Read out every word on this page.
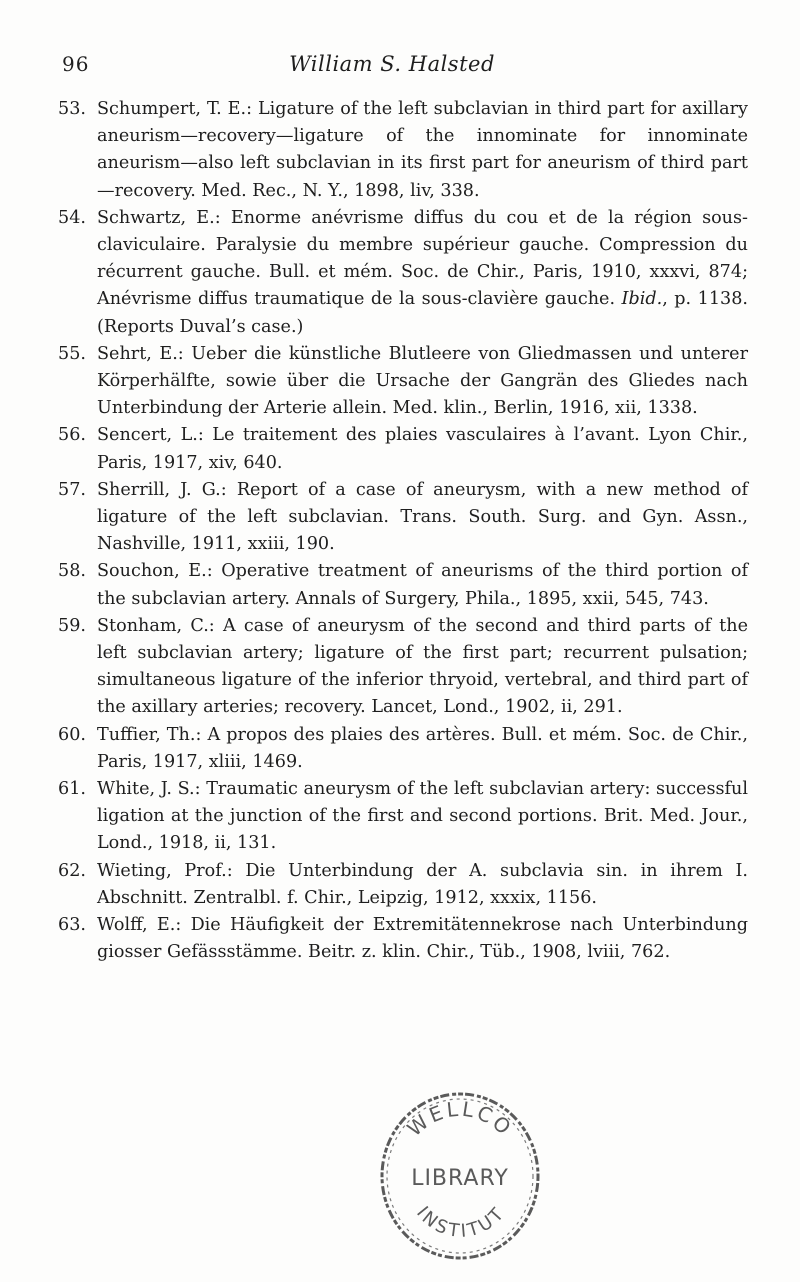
96	William S. Halsted
53. Schumpert, T. E.: Ligature of the left subclavian in third part for axillary aneurism—recovery—ligature of the innominate for innominate aneurism—also left subclavian in its first part for aneurism of third part—recovery. Med. Rec., N. Y., 1898, liv, 338.
54. Schwartz, E.: Enorme anévrisme diffus du cou et de la région sous-claviculaire. Paralysie du membre supérieur gauche. Compression du récurrent gauche. Bull. et mém. Soc. de Chir., Paris, 1910, xxxvi, 874; Anévrisme diffus traumatique de la sous-clavière gauche. Ibid., p. 1138. (Reports Duval’s case.)
55. Sehrt, E.: Ueber die künstliche Blutleere von Gliedmassen und unterer Körperhälfte, sowie über die Ursache der Gangrän des Gliedes nach Unterbindung der Arterie allein. Med. klin., Berlin, 1916, xii, 1338.
56. Sencert, L.: Le traitement des plaies vasculaires à l’avant. Lyon Chir., Paris, 1917, xiv, 640.
57. Sherrill, J. G.: Report of a case of aneurysm, with a new method of ligature of the left subclavian. Trans. South. Surg. and Gyn. Assn., Nashville, 1911, xxiii, 190.
58. Souchon, E.: Operative treatment of aneurisms of the third portion of the subclavian artery. Annals of Surgery, Phila., 1895, xxii, 545, 743.
59. Stonham, C.: A case of aneurysm of the second and third parts of the left subclavian artery; ligature of the first part; recurrent pulsation; simultaneous ligature of the inferior thryoid, vertebral, and third part of the axillary arteries; recovery. Lancet, Lond., 1902, ii, 291.
60. Tuffier, Th.: A propos des plaies des artères. Bull. et mém. Soc. de Chir., Paris, 1917, xliii, 1469.
61. White, J. S.: Traumatic aneurysm of the left subclavian artery: successful ligation at the junction of the first and second portions. Brit. Med. Jour., Lond., 1918, ii, 131.
62. Wieting, Prof.: Die Unterbindung der A. subclavia sin. in ihrem I. Abschnitt. Zentralbl. f. Chir., Leipzig, 1912, xxxix, 1156.
63. Wolff, E.: Die Häufigkeit der Extremitätennekrose nach Unterbindung giosser Gefässstämme. Beitr. z. klin. Chir., Tüb., 1908, lviii, 762.
WELLCO
LIBRARY
INSTITUT
